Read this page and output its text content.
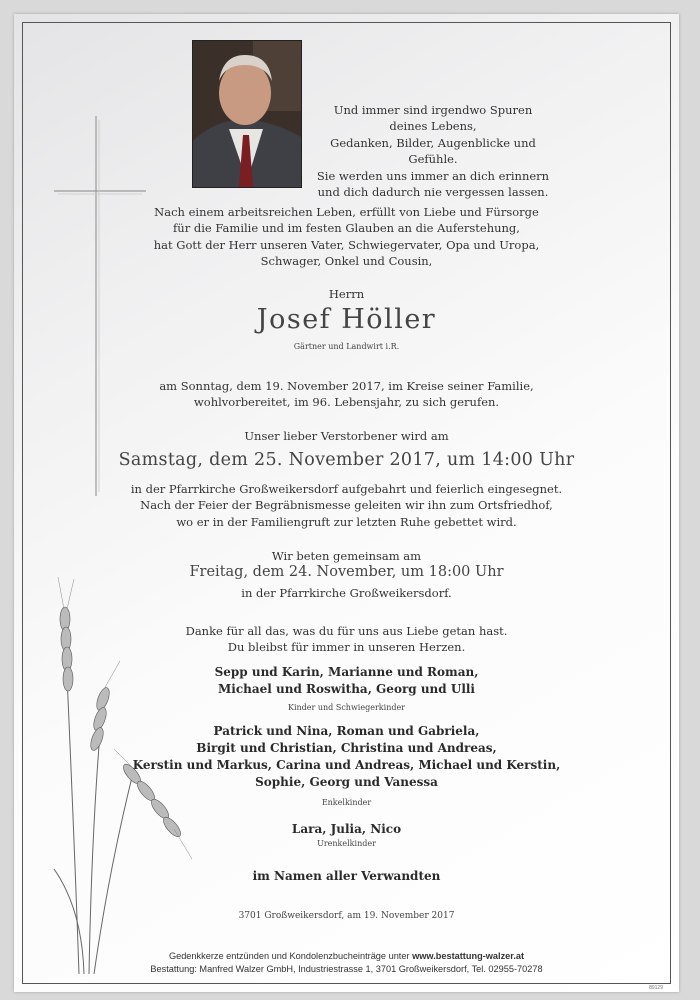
Und immer sind irgendwo Spuren deines Lebens,
Gedanken, Bilder, Augenblicke und Gefühle.
Sie werden uns immer an dich erinnern
und dich dadurch nie vergessen lassen.
Nach einem arbeitsreichen Leben, erfüllt von Liebe und Fürsorge
für die Familie und im festen Glauben an die Auferstehung,
hat Gott der Herr unseren Vater, Schwiegervater, Opa und Uropa,
Schwager, Onkel und Cousin,
Herrn
Josef Höller
Gärtner und Landwirt i.R.
am Sonntag, dem 19. November 2017, im Kreise seiner Familie,
wohlvorbereitet, im 96. Lebensjahr, zu sich gerufen.
Unser lieber Verstorbener wird am
Samstag, dem 25. November 2017, um 14:00 Uhr
in der Pfarrkirche Großweikersdorf aufgebahrt und feierlich eingesegnet.
Nach der Feier der Begräbnismesse geleiten wir ihn zum Ortsfriedhof,
wo er in der Familiengruft zur letzten Ruhe gebettet wird.
Wir beten gemeinsam am
Freitag, dem 24. November, um 18:00 Uhr
in der Pfarrkirche Großweikersdorf.
Danke für all das, was du für uns aus Liebe getan hast.
Du bleibst für immer in unseren Herzen.
Sepp und Karin, Marianne und Roman,
Michael und Roswitha, Georg und Ulli
Kinder und Schwiegerkinder
Patrick und Nina, Roman und Gabriela,
Birgit und Christian, Christina und Andreas,
Kerstin und Markus, Carina und Andreas, Michael und Kerstin,
Sophie, Georg und Vanessa
Enkelkinder
Lara, Julia, Nico
Urenkelkinder
im Namen aller Verwandten
3701 Großweikersdorf, am 19. November 2017
Gedenkkerze entzünden und Kondolenzbucheinträge unter www.bestattung-walzer.at
Bestattung: Manfred Walzer GmbH, Industriestrasse 1, 3701 Großweikersdorf, Tel. 02955-70278
89129
